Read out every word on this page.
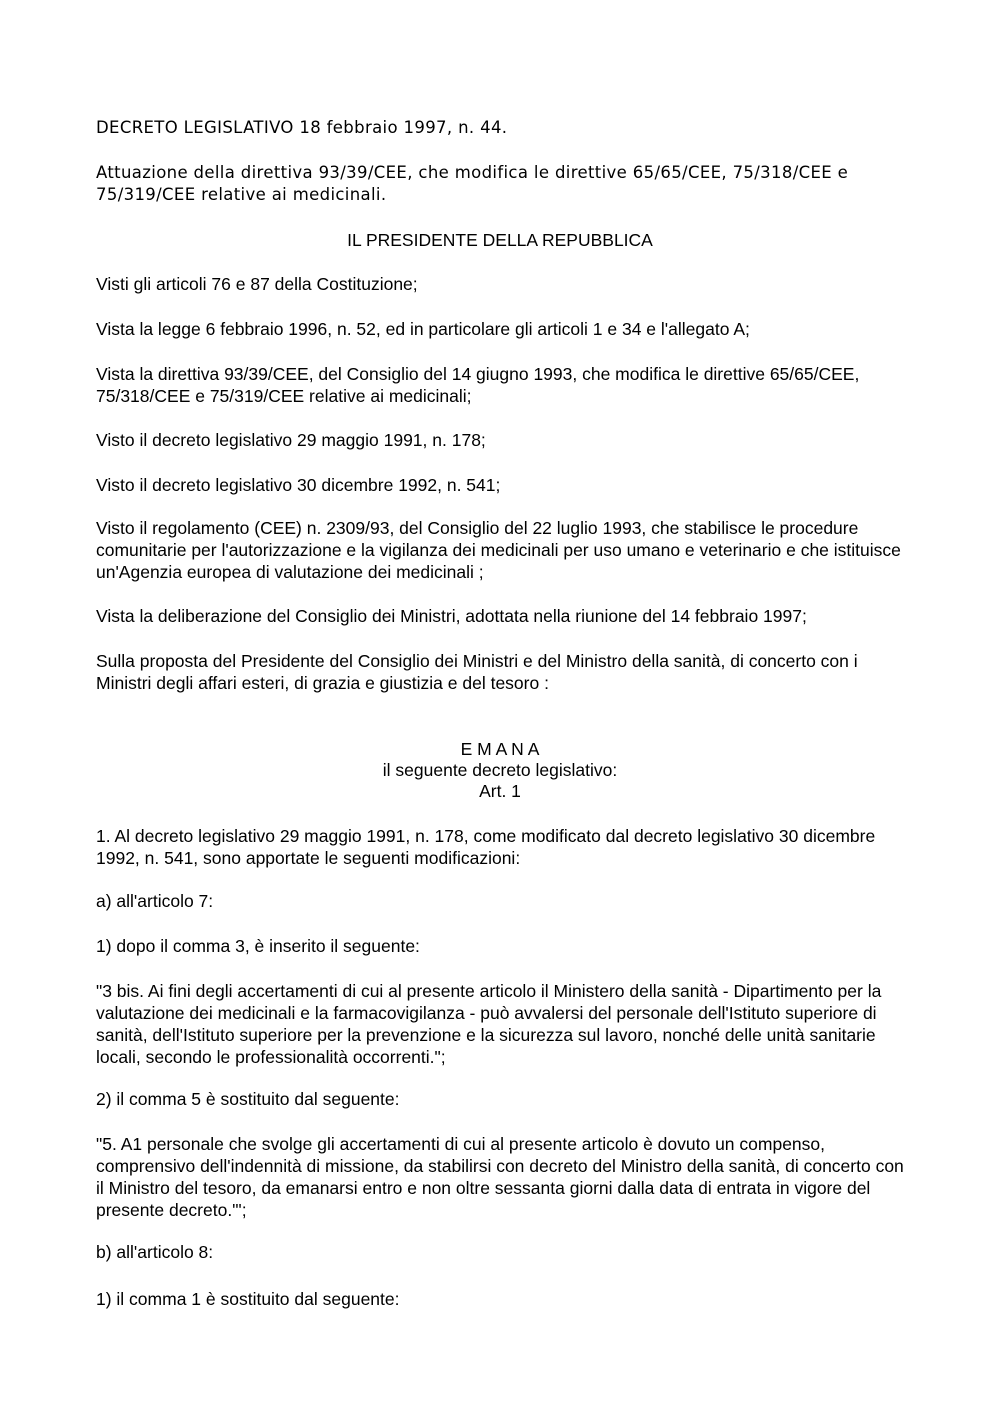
DECRETO LEGISLATIVO 18 febbraio 1997, n. 44.

Attuazione della direttiva 93/39/CEE, che modifica le direttive 65/65/CEE, 75/318/CEE e 75/319/CEE relative ai medicinali.

IL PRESIDENTE DELLA REPUBBLICA

Visti gli articoli 76 e 87 della Costituzione;

Vista la legge 6 febbraio 1996, n. 52, ed in particolare gli articoli 1 e 34 e l'allegato A;

Vista la direttiva 93/39/CEE, del Consiglio del 14 giugno 1993, che modifica le direttive 65/65/CEE, 75/318/CEE e 75/319/CEE relative ai medicinali;

Visto il decreto legislativo 29 maggio 1991, n. 178;

Visto il decreto legislativo 30 dicembre 1992, n. 541;

Visto il regolamento (CEE) n. 2309/93, del Consiglio del 22 luglio 1993, che stabilisce le procedure comunitarie per l'autorizzazione e la vigilanza dei medicinali per uso umano e veterinario e che istituisce un'Agenzia europea di valutazione dei medicinali ;

Vista la deliberazione del Consiglio dei Ministri, adottata nella riunione del 14 febbraio 1997;

Sulla proposta del Presidente del Consiglio dei Ministri e del Ministro della sanità, di concerto con i Ministri degli affari esteri, di grazia e giustizia e del tesoro :

E M A N A

il seguente decreto legislativo:

Art. 1

1. Al decreto legislativo 29 maggio 1991, n. 178, come modificato dal decreto legislativo 30 dicembre 1992, n. 541, sono apportate le seguenti modificazioni:

a) all'articolo 7:

1) dopo il comma 3, è inserito il seguente:

"3 bis. Ai fini degli accertamenti di cui al presente articolo il Ministero della sanità - Dipartimento per la valutazione dei medicinali e la farmacovigilanza - può avvalersi del personale dell'Istituto superiore di sanità, dell'Istituto superiore per la prevenzione e la sicurezza sul lavoro, nonché delle unità sanitarie locali, secondo le professionalità occorrenti.";

2) il comma 5 è sostituito dal seguente:

"5. A1 personale che svolge gli accertamenti di cui al presente articolo è dovuto un compenso, comprensivo dell'indennità di missione, da stabilirsi con decreto del Ministro della sanità, di concerto con il Ministro del tesoro, da emanarsi entro e non oltre sessanta giorni dalla data di entrata in vigore del presente decreto."';

b) all'articolo 8:

1) il comma 1 è sostituito dal seguente:
